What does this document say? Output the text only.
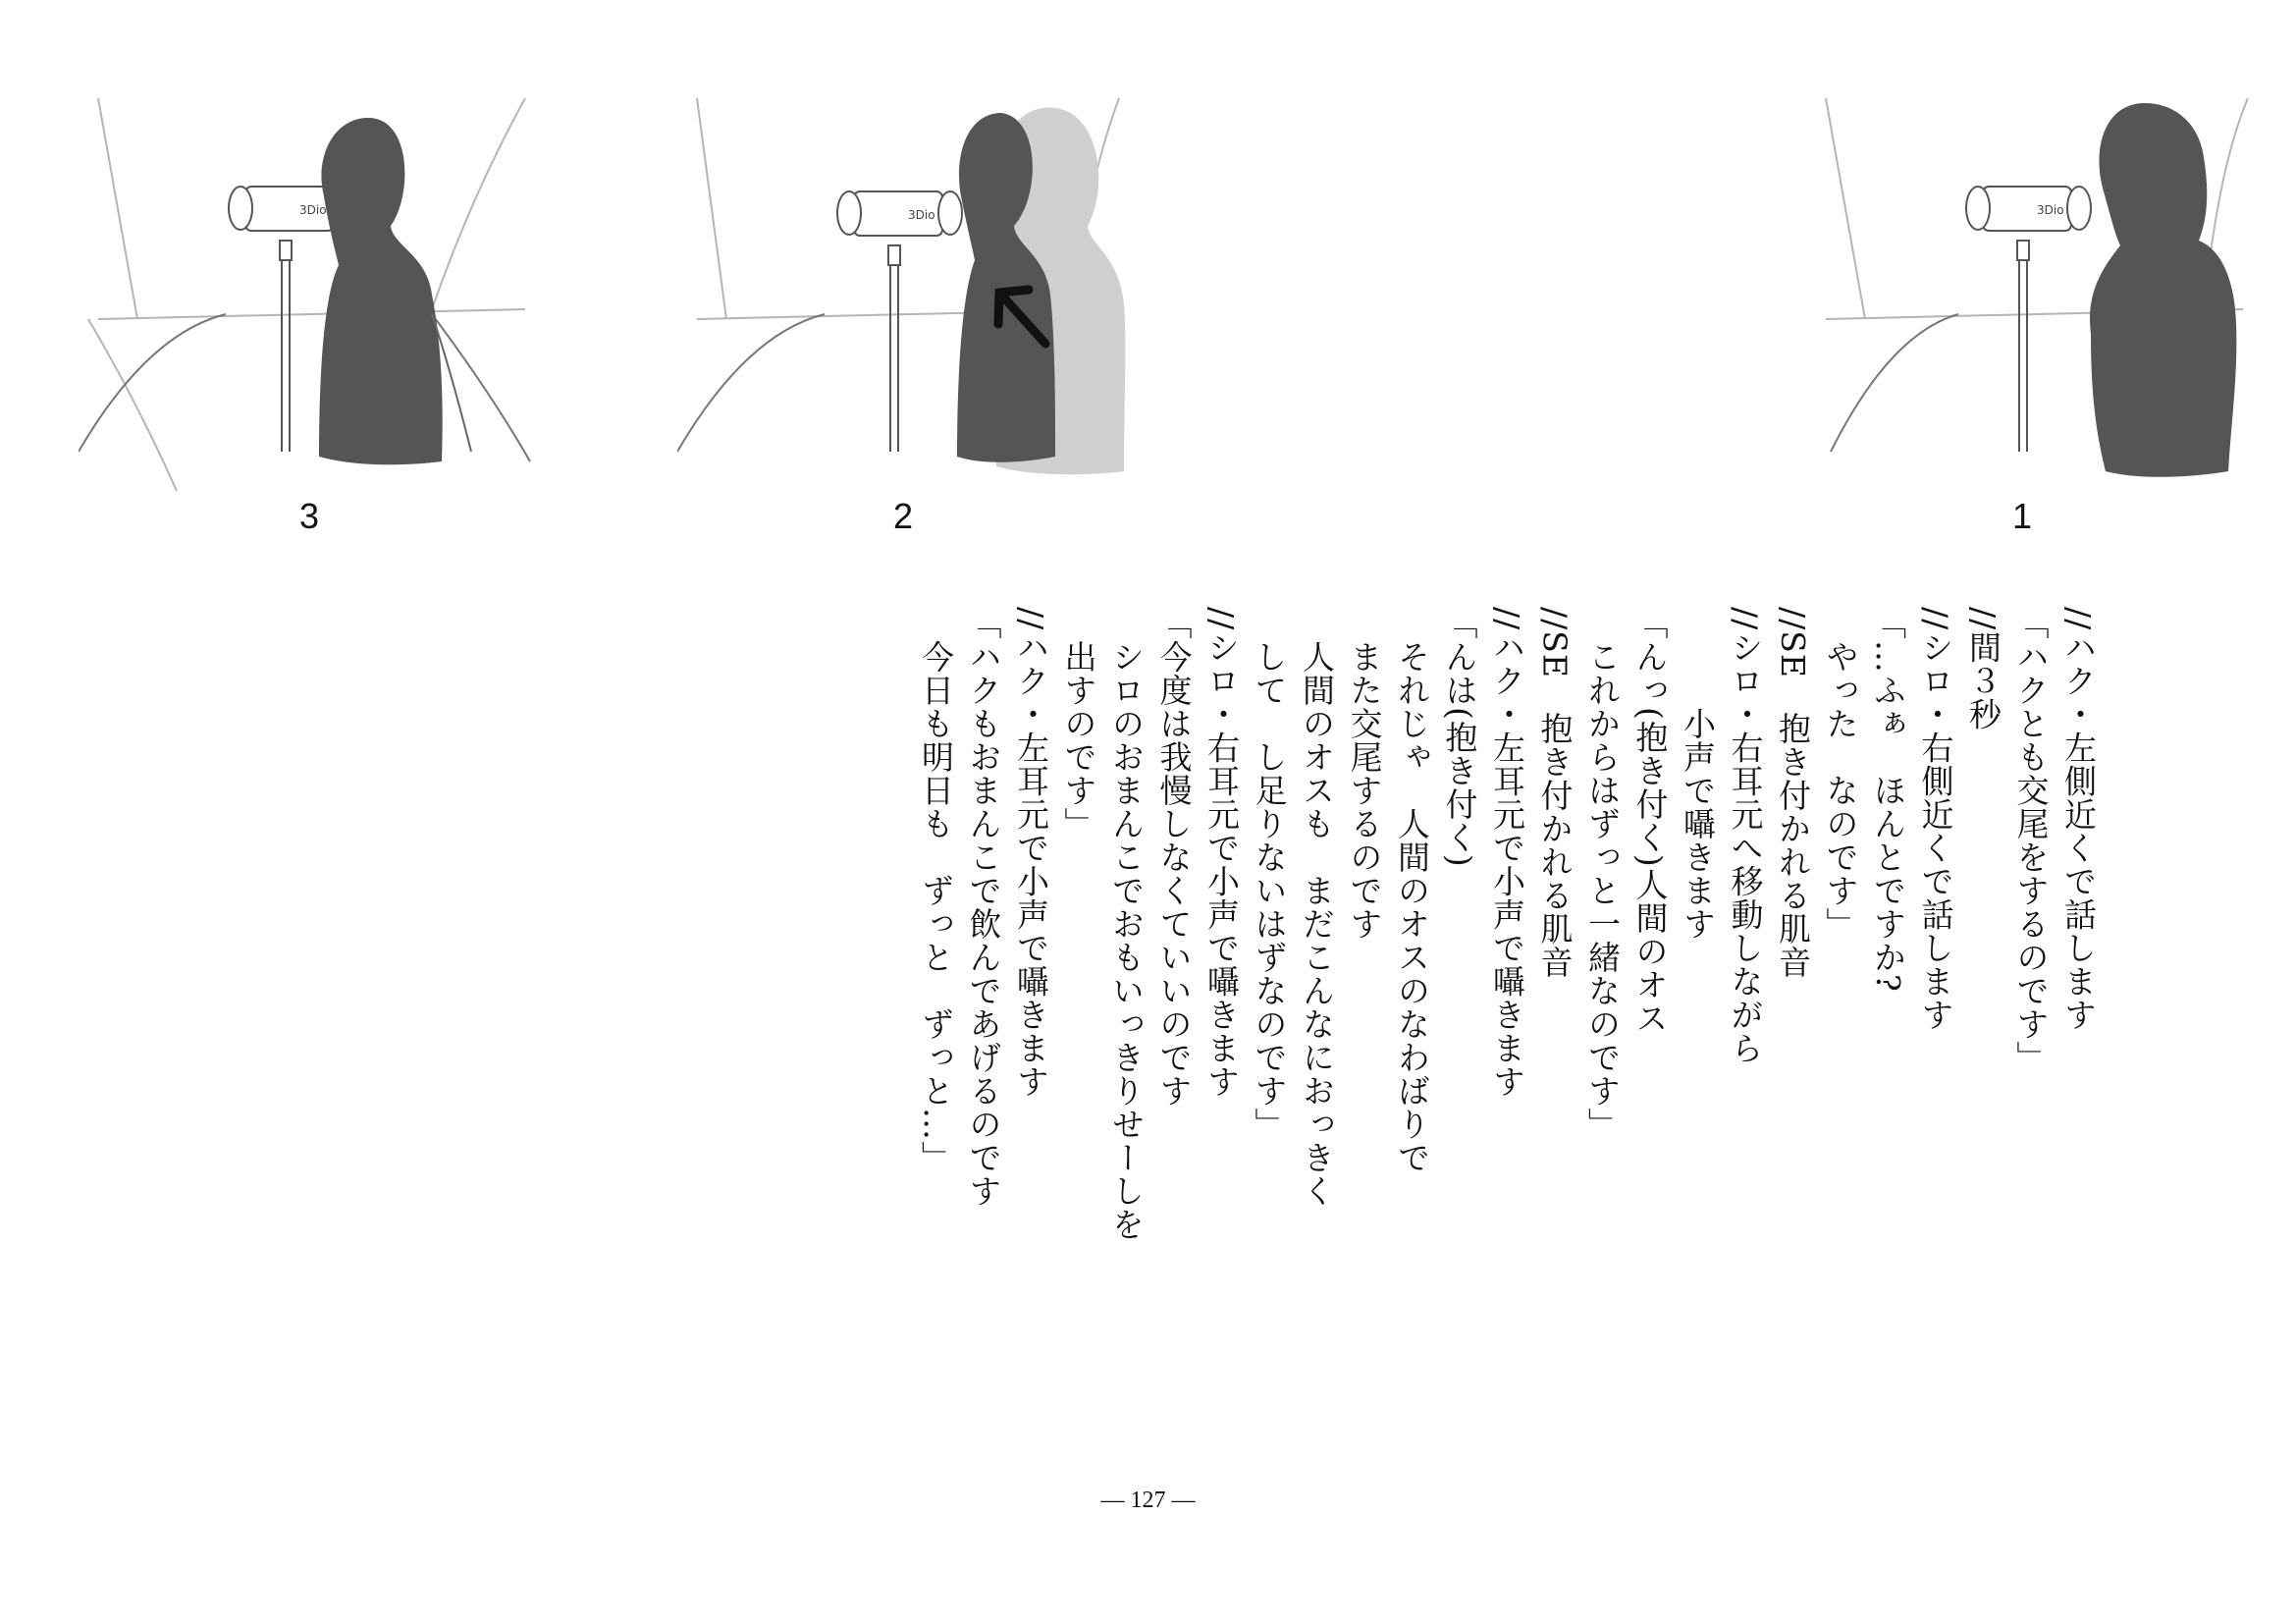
3Dio
3
3Dio
2
3Dio
1
//ハク・左側近くで話します
「ハクとも交尾をするのです」
//間３秒
//シロ・右側近くで話します
「…ふぁ　ほんとですか?
　やった　なのです」
//SE　抱き付かれる肌音
//シロ・右耳元へ移動しながら
　　　小声で囁きます
「んっ(抱き付く)人間のオス
　これからはずっと一緒なのです」
//SE　抱き付かれる肌音
//ハク・左耳元で小声で囁きます
「んは(抱き付く)
　それじゃ　人間のオスのなわばりで
　また交尾するのです
　人間のオスも　まだこんなにおっきく
　して　し足りないはずなのです」
//シロ・右耳元で小声で囁きます
「今度は我慢しなくていいのです
　シロのおまんこでおもいっきりせーしを
　出すのです」
//ハク・左耳元で小声で囁きます
「ハクもおまんこで飲んであげるのです
　今日も明日も　ずっと　ずっと…」
― 127 ―
